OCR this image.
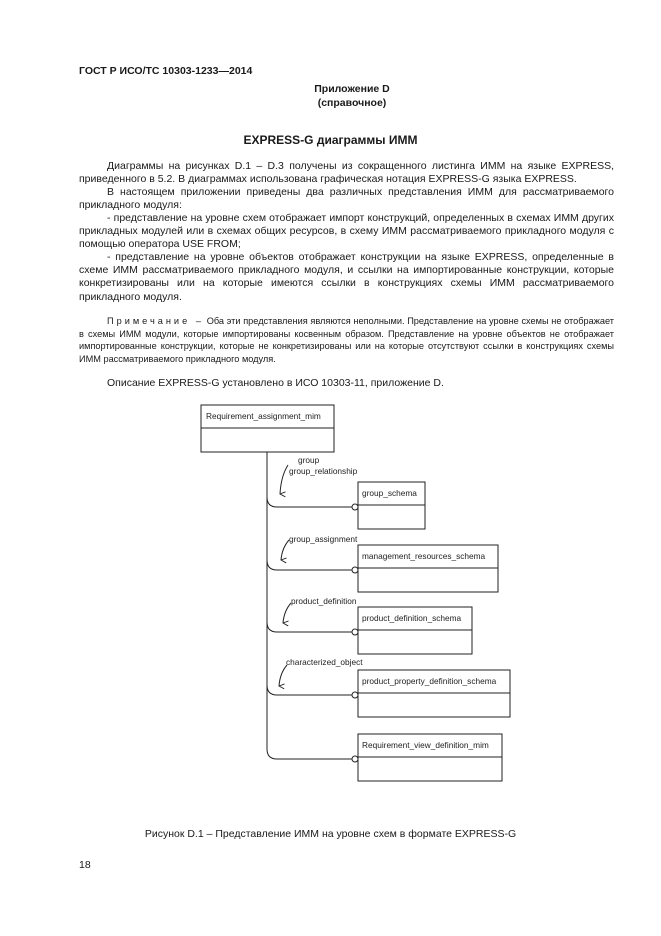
ГОСТ Р ИСО/ТС 10303-1233—2014
Приложение D
(справочное)
EXPRESS-G диаграммы ИММ
Диаграммы на рисунках D.1 – D.3 получены из сокращенного листинга ИММ на языке EXPRESS, приведенного в 5.2. В диаграммах использована графическая нотация EXPRESS-G языка EXPRESS.
В настоящем приложении приведены два различных представления ИММ для рассматриваемого прикладного модуля:
- представление на уровне схем отображает импорт конструкций, определенных в схемах ИММ других прикладных модулей или в схемах общих ресурсов, в схему ИММ рассматриваемого прикладного модуля с помощью оператора USE FROM;
- представление на уровне объектов отображает конструкции на языке EXPRESS, определенные в схеме ИММ рассматриваемого прикладного модуля, и ссылки на импортированные конструкции, которые конкретизированы или на которые имеются ссылки в конструкциях схемы ИММ рассматриваемого прикладного модуля.
Примечание – Оба эти представления являются неполными. Представление на уровне схемы не отображает в схемы ИММ модули, которые импортированы косвенным образом. Представление на уровне объектов не отображает импортированные конструкции, которые не конкретизированы или на которые отсутствуют ссылки в конструкциях схемы ИММ рассматриваемого прикладного модуля.
Описание EXPRESS-G установлено в ИСО 10303-11, приложение D.
Requirement_assignment_mim
group_schema
management_resources_schema
product_definition_schema
product_property_definition_schema
Requirement_view_definition_mim
group
group_relationship
group_assignment
product_definition
characterized_object
Рисунок D.1 – Представление ИММ на уровне схем в формате EXPRESS-G
18
